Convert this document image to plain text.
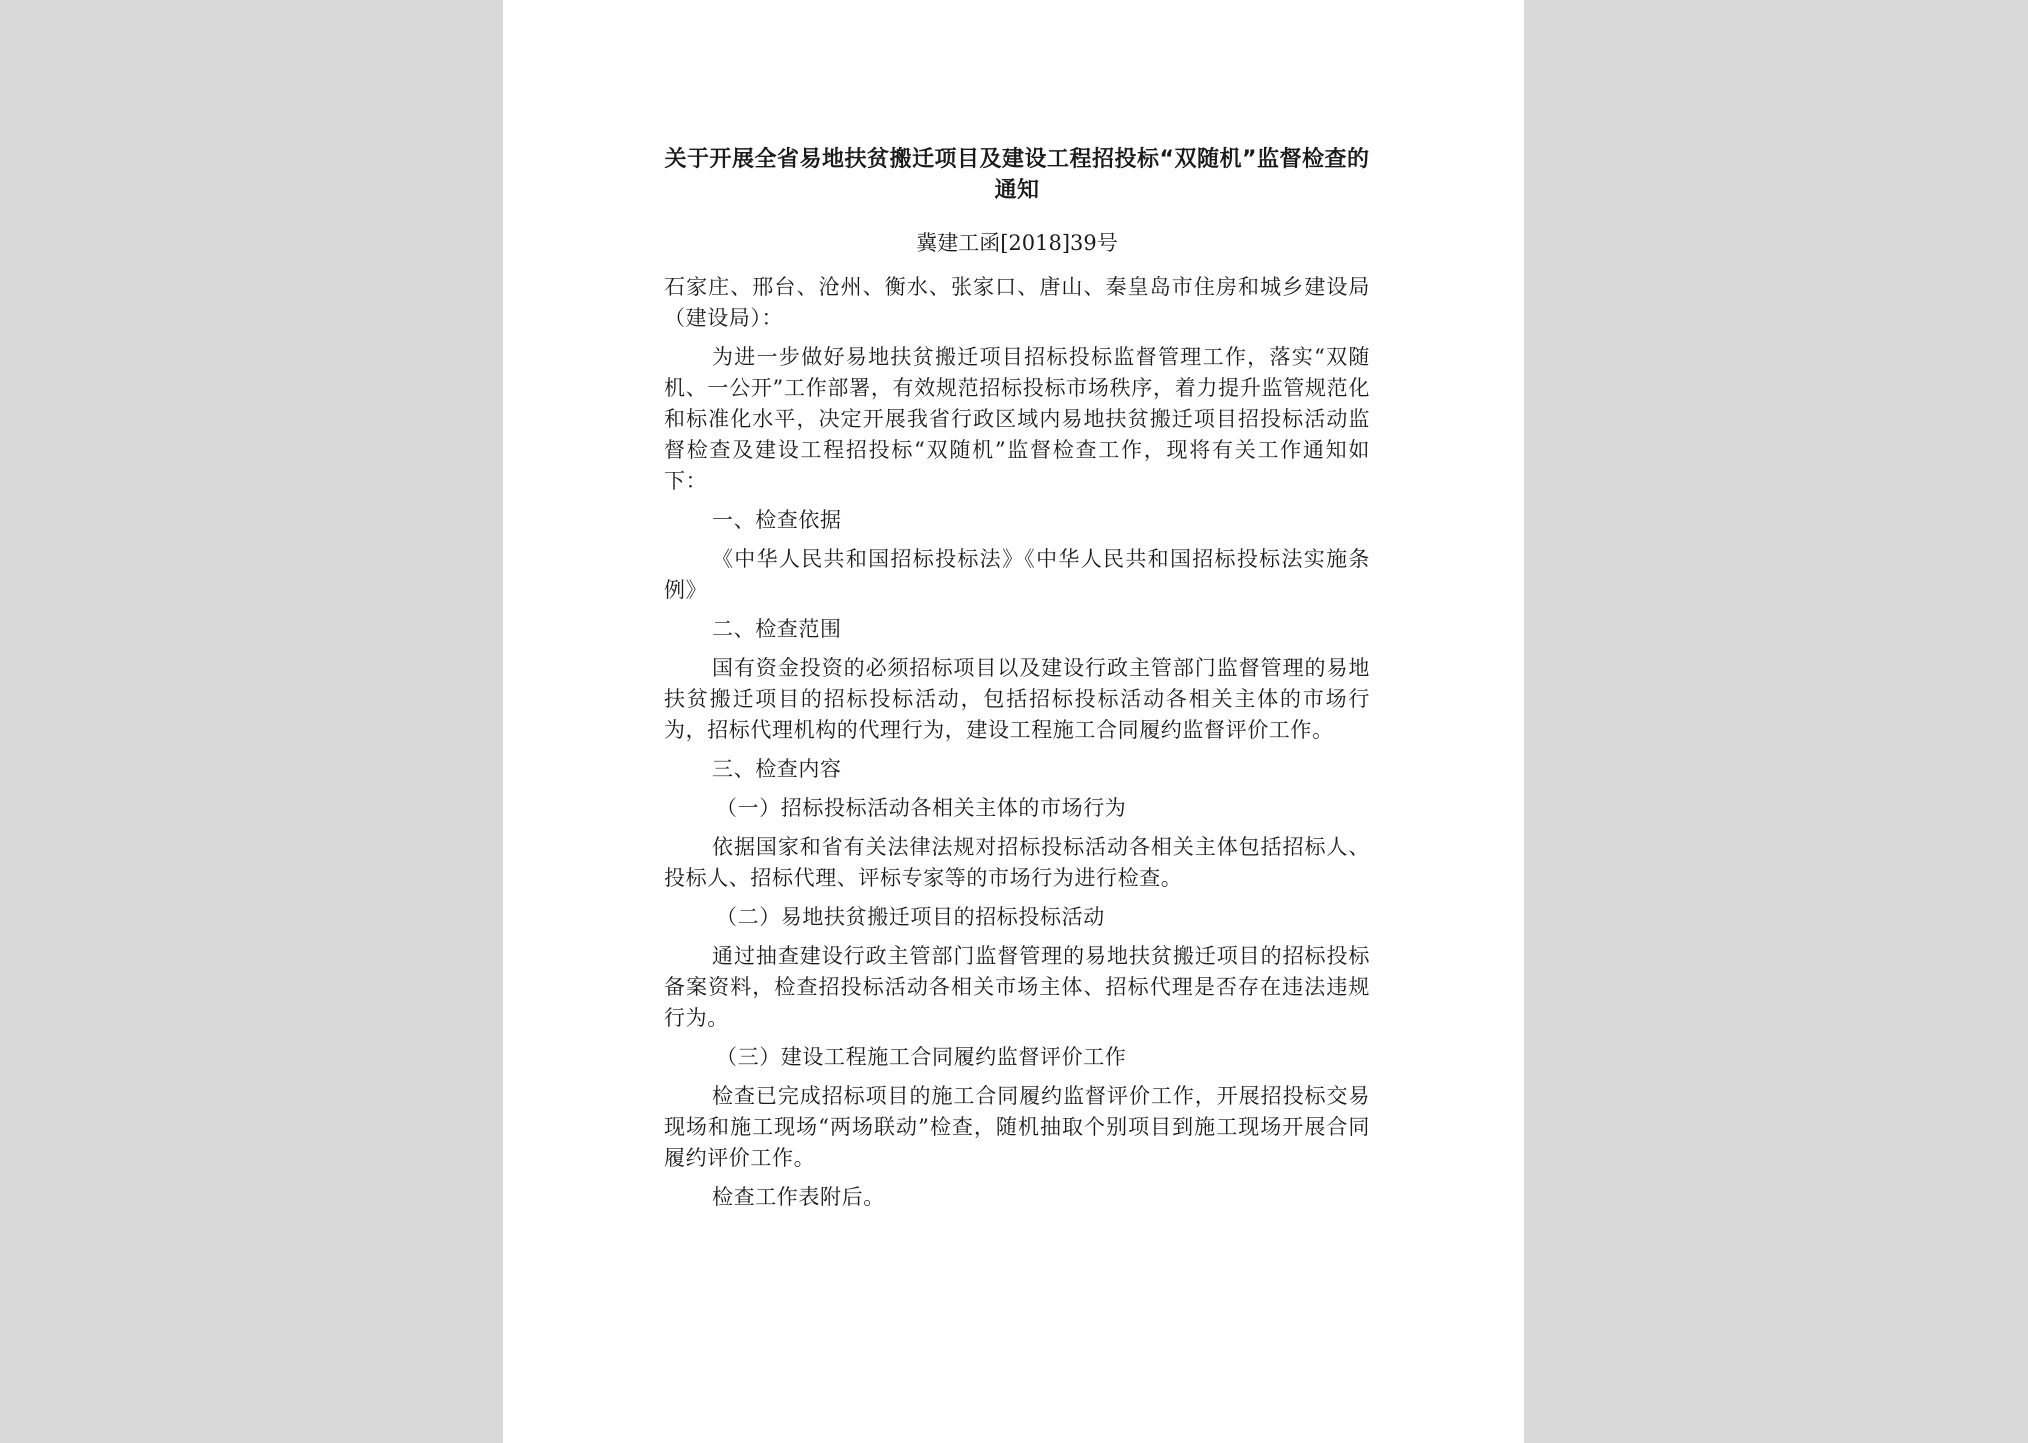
关于开展全省易地扶贫搬迁项目及建设工程招投标“双随机”监督检查的通知
冀建工函[2018]39号

石家庄、邢台、沧州、衡水、张家口、唐山、秦皇岛市住房和城乡建设局（建设局）：

为进一步做好易地扶贫搬迁项目招标投标监督管理工作，落实“双随机、一公开”工作部署，有效规范招标投标市场秩序，着力提升监管规范化和标准化水平，决定开展我省行政区域内易地扶贫搬迁项目招投标活动监督检查及建设工程招投标“双随机”监督检查工作，现将有关工作通知如下：

一、检查依据

《中华人民共和国招标投标法》《中华人民共和国招标投标法实施条例》

二、检查范围

国有资金投资的必须招标项目以及建设行政主管部门监督管理的易地扶贫搬迁项目的招标投标活动，包括招标投标活动各相关主体的市场行为，招标代理机构的代理行为，建设工程施工合同履约监督评价工作。

三、检查内容

（一）招标投标活动各相关主体的市场行为

依据国家和省有关法律法规对招标投标活动各相关主体包括招标人、投标人、招标代理、评标专家等的市场行为进行检查。

（二）易地扶贫搬迁项目的招标投标活动

通过抽查建设行政主管部门监督管理的易地扶贫搬迁项目的招标投标备案资料，检查招投标活动各相关市场主体、招标代理是否存在违法违规行为。

（三）建设工程施工合同履约监督评价工作

检查已完成招标项目的施工合同履约监督评价工作，开展招投标交易现场和施工现场“两场联动”检查，随机抽取个别项目到施工现场开展合同履约评价工作。

检查工作表附后。
